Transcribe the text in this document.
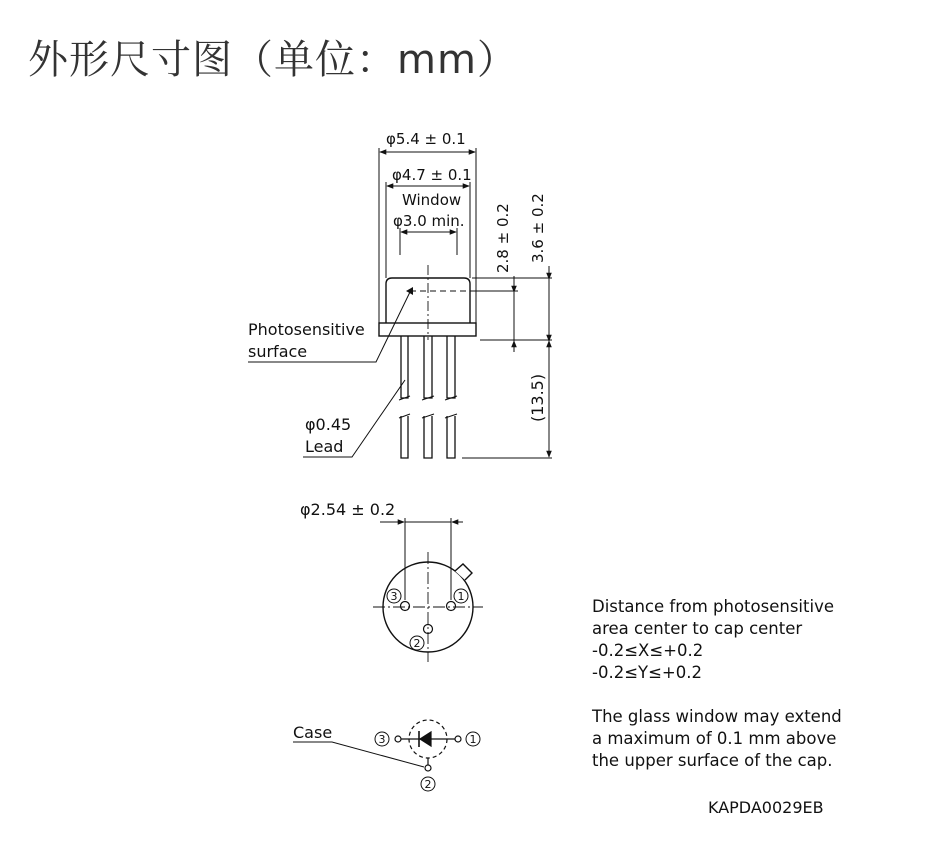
外形尺寸图（单位：mm）
φ5.4 ± 0.1
φ4.7 ± 0.1
Window
φ3.0 min. 2.8 ± 0.2 3.6 ± 0.2
(13.5)
Photosensitive
surface
φ0.45
Lead
φ2.54 ± 0.2
3	1
2
Case	3	1
2
Distance from photosensitive
area center to cap center
-0.2≤X≤+0.2
-0.2≤Y≤+0.2
The glass window may extend
a maximum of 0.1 mm above
the upper surface of the cap.
KAPDA0029EB
